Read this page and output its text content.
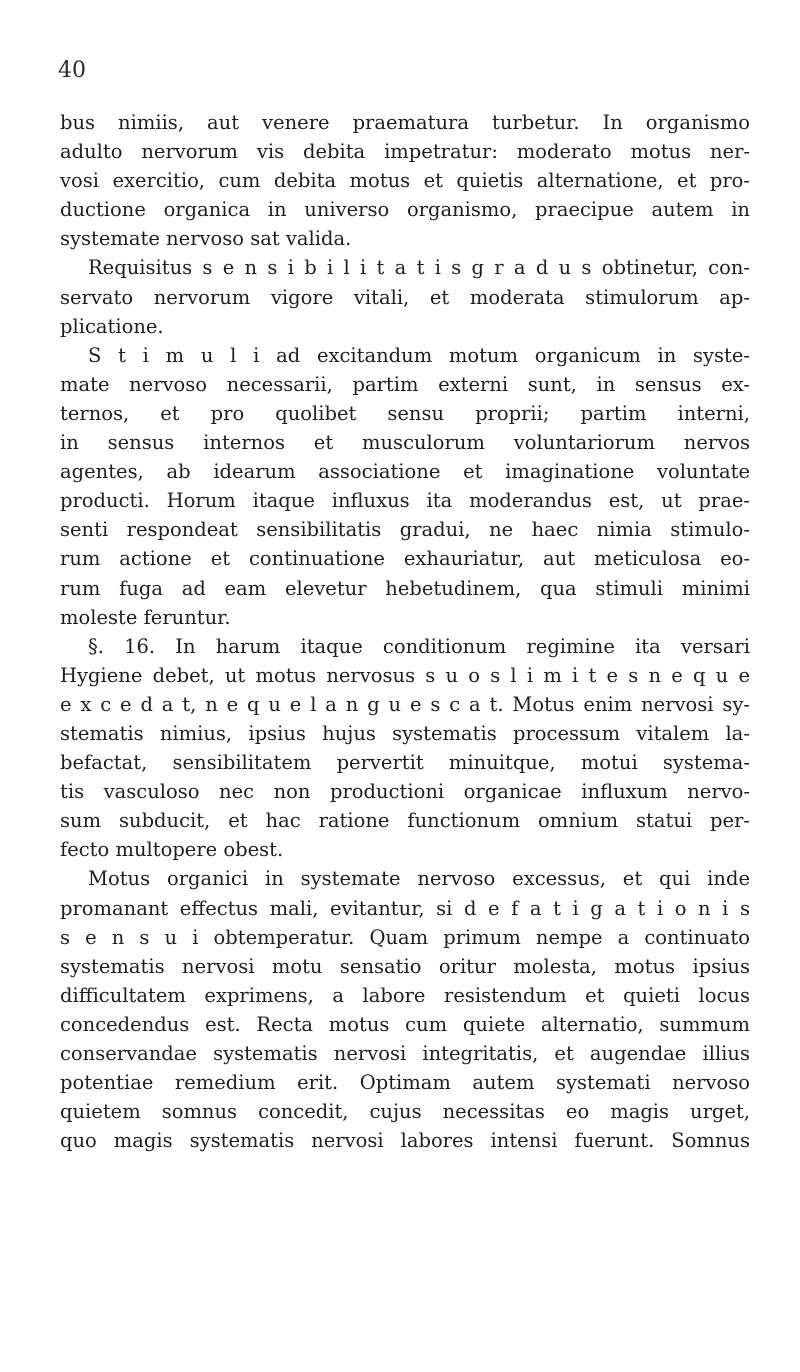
40
bus nimiis, aut venere praematura turbetur. In organismo
adulto nervorum vis debita impetratur: moderato motus ner-
vosi exercitio, cum debita motus et quietis alternatione, et pro-
ductione organica in universo organismo, praecipue autem in
systemate nervoso sat valida.
Requisitus s e n s i b i l i t a t i s g r a d u s obtinetur, con-
servato nervorum vigore vitali, et moderata stimulorum ap-
plicatione.
S t i m u l i ad excitandum motum organicum in syste-
mate nervoso necessarii, partim externi sunt, in sensus ex-
ternos, et pro quolibet sensu proprii; partim interni,
in sensus internos et musculorum voluntariorum nervos
agentes, ab idearum associatione et imaginatione voluntate
producti. Horum itaque influxus ita moderandus est, ut prae-
senti respondeat sensibilitatis gradui, ne haec nimia stimulo-
rum actione et continuatione exhauriatur, aut meticulosa eo-
rum fuga ad eam elevetur hebetudinem, qua stimuli minimi
moleste feruntur.
§. 16. In harum itaque conditionum regimine ita versari
Hygiene debet, ut motus nervosus s u o s l i m i t e s n e q u e
e x c e d a t, n e q u e l a n g u e s c a t. Motus enim nervosi sy-
stematis nimius, ipsius hujus systematis processum vitalem la-
befactat, sensibilitatem pervertit minuitque, motui systema-
tis vasculoso nec non productioni organicae influxum nervo-
sum subducit, et hac ratione functionum omnium statui per-
fecto multopere obest.
Motus organici in systemate nervoso excessus, et qui inde
promanant effectus mali, evitantur, si d e f a t i g a t i o n i s
s e n s u i obtemperatur. Quam primum nempe a continuato
systematis nervosi motu sensatio oritur molesta, motus ipsius
difficultatem exprimens, a labore resistendum et quieti locus
concedendus est. Recta motus cum quiete alternatio, summum
conservandae systematis nervosi integritatis, et augendae illius
potentiae remedium erit. Optimam autem systemati nervoso
quietem somnus concedit, cujus necessitas eo magis urget,
quo magis systematis nervosi labores intensi fuerunt. Somnus
